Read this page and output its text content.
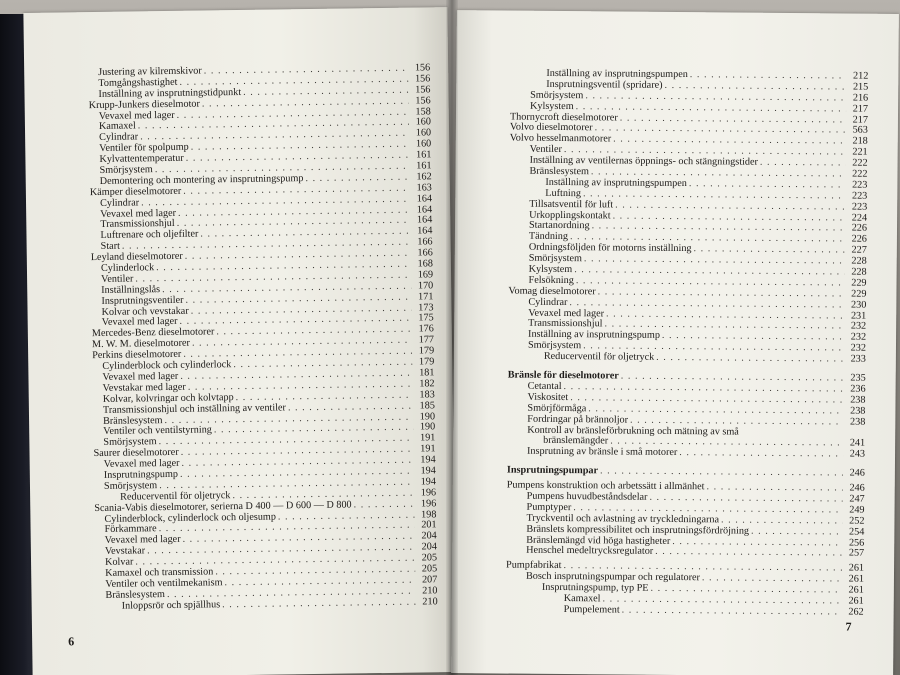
Justering av kilremskivor . . .	156
Tomgångshastighet . . .	156
Inställning av insprutningstidpunkt . . .	156
Krupp-Junkers dieselmotor . . .	156
Vevaxel med lager . . .	158
Kamaxel . . .	160
Cylindrar . . .	160
Ventiler för spolpump . . .	160
Kylvattentemperatur . . .	161
Smörjsystem . . .	161
Demontering och montering av insprutningspump . . .	162
Kämper dieselmotorer . . .	163
Cylindrar . . .	164
Vevaxel med lager . . .	164
Transmissionshjul . . .	164
Luftrenare och oljefilter . . .	164
Start . . .	166
Leyland dieselmotorer . . .	166
Cylinderlock . . .	168
Ventiler . . .	169
Inställningslås . . .	170
Insprutningsventiler . . .	171
Kolvar och vevstakar . . .	173
Vevaxel med lager . . .	175
Mercedes-Benz dieselmotorer . . .	176
M. W. M. dieselmotorer . . .	177
Perkins dieselmotorer . . .	179
Cylinderblock och cylinderlock . . .	179
Vevaxel med lager . . .	181
Vevstakar med lager . . .	182
Kolvar, kolvringar och kolvtapp . . .	183
Transmissionshjul och inställning av ventiler . . .	185
Bränslesystem . . .	190
Ventiler och ventilstyrning . . .	190
Smörjsystem . . .	191
Saurer dieselmotorer . . .	191
Vevaxel med lager . . .	194
Insprutningspump . . .	194
Smörjsystem . . .	194
Reducerventil för oljetryck . . .	196
Scania-Vabis dieselmotorer, serierna D 400 — D 600 — D 800 . . .	196
Cylinderblock, cylinderlock och oljesump . . .	198
Förkammare . . .	201
Vevaxel med lager . . .	204
Vevstakar . . .	204
Kolvar . . .	205
Kamaxel och transmission . . .	205
Ventiler och ventilmekanism . . .	207
Bränslesystem . . .	210
Inloppsrör och spjällhus . . .	210
6
Inställning av insprutningspumpen . . .	212
Insprutningsventil (spridare) . . .	215
Smörjsystem . . .	216
Kylsystem . . .	217
Thornycroft dieselmotorer . . .	217
Volvo dieselmotorer . . .	563
Volvo hesselmanmotorer . . .	218
Ventiler . . .	221
Inställning av ventilernas öppnings- och stängningstider . . .	222
Bränslesystem . . .	222
Inställning av insprutningspumpen . . .	223
Luftning . . .	223
Tillsatsventil för luft . . .	223
Urkopplingskontakt . . .	224
Startanordning . . .	226
Tändning . . .	226
Ordningsföljden för motorns inställning . . .	227
Smörjsystem . . .	228
Kylsystem . . .	228
Felsökning . . .	229
Vomag dieselmotorer . . .	229
Cylindrar . . .	230
Vevaxel med lager . . .	231
Transmissionshjul . . .	232
Inställning av insprutningspump . . .	232
Smörjsystem . . .	232
Reducerventil för oljetryck . . .	233
Bränsle för dieselmotorer . . .	235
Cetantal . . .	236
Viskositet . . .	238
Smörjförmåga . . .	238
Fordringar på brännoljor . . .	238
Kontroll av bränsleförbrukning och mätning av små
bränslemängder . . .	241
Insprutning av bränsle i små motorer . . .	243
Insprutningspumpar . . .	246
Pumpens konstruktion och arbetssätt i allmänhet . . .	246
Pumpens huvudbeståndsdelar . . .	247
Pumptyper . . .	249
Tryckventil och avlastning av tryckledningarna . . .	252
Bränslets kompressibilitet och insprutningsfördröjning . . .	254
Bränslemängd vid höga hastigheter . . .	256
Henschel medeltrycksregulator . . .	257
Pumpfabrikat . . .	261
Bosch insprutningspumpar och regulatorer . . .	261
Insprutningspump, typ PE . . .	261
Kamaxel . . .	261
Pumpelement . . .	262
7
